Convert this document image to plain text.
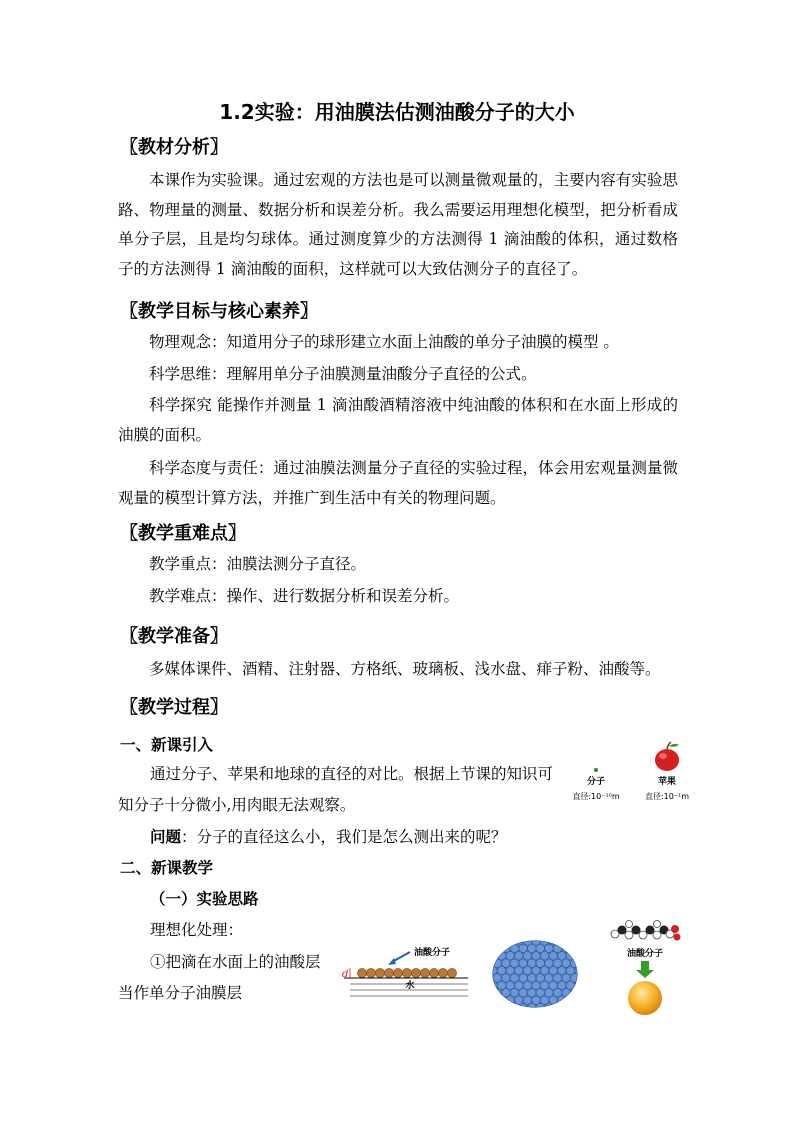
1.2实验：用油膜法估测油酸分子的大小
〖教材分析〗
本课作为实验课。通过宏观的方法也是可以测量微观量的，主要内容有实验思路、物理量的测量、数据分析和误差分析。我么需要运用理想化模型，把分析看成单分子层，且是均匀球体。通过测度算少的方法测得 1 滴油酸的体积，通过数格子的方法测得 1 滴油酸的面积，这样就可以大致估测分子的直径了。
〖教学目标与核心素养〗
物理观念：知道用分子的球形建立水面上油酸的单分子油膜的模型 。
科学思维：理解用单分子油膜测量油酸分子直径的公式。
科学探究 能操作并测量 1 滴油酸酒精溶液中纯油酸的体积和在水面上形成的油膜的面积。
科学态度与责任：通过油膜法测量分子直径的实验过程，体会用宏观量测量微观量的模型计算方法，并推广到生活中有关的物理问题。
〖教学重难点〗
教学重点：油膜法测分子直径。
教学难点：操作、进行数据分析和误差分析。
〖教学准备〗
多媒体课件、酒精、注射器、方格纸、玻璃板、浅水盘、痱子粉、油酸等。
〖教学过程〗
一、新课引入
通过分子、苹果和地球的直径的对比。根据上节课的知识可
知分子十分微小,用肉眼无法观察。
问题：分子的直径这么小，我们是怎么测出来的呢？
二、新课教学
（一）实验思路
理想化处理：
①把滴在水面上的油酸层
当作单分子油膜层
分子
直径:10⁻¹⁰m
苹果
直径:10⁻¹m
油酸分子
水
d
油酸分子
